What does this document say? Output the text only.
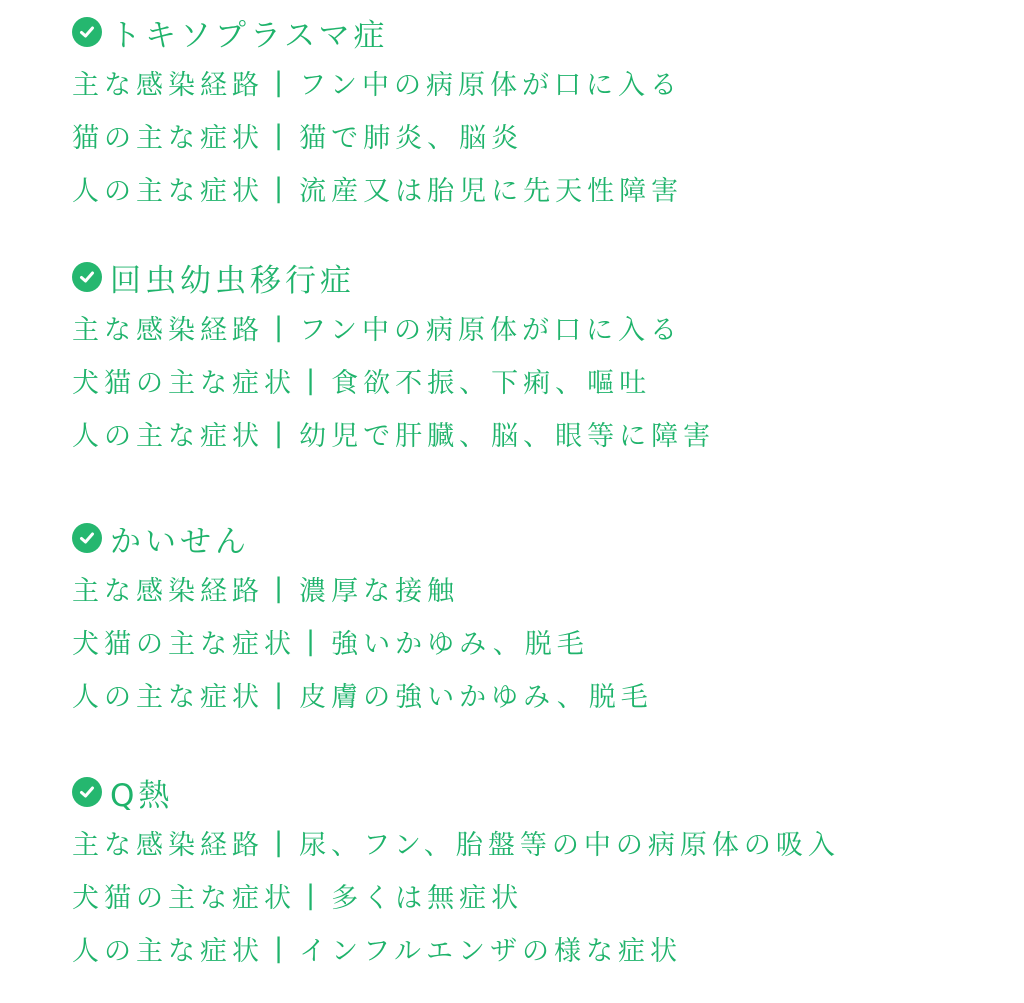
トキソプラスマ症
主な感染経路 | フン中の病原体が口に入る
猫の主な症状 | 猫で肺炎、脳炎
人の主な症状 | 流産又は胎児に先天性障害
回虫幼虫移行症
主な感染経路 | フン中の病原体が口に入る
犬猫の主な症状 | 食欲不振、下痢、嘔吐
人の主な症状 | 幼児で肝臓、脳、眼等に障害
かいせん
主な感染経路 | 濃厚な接触
犬猫の主な症状 | 強いかゆみ、脱毛
人の主な症状 | 皮膚の強いかゆみ、脱毛
Q熱
主な感染経路 | 尿、フン、胎盤等の中の病原体の吸入
犬猫の主な症状 | 多くは無症状
人の主な症状 | インフルエンザの様な症状
